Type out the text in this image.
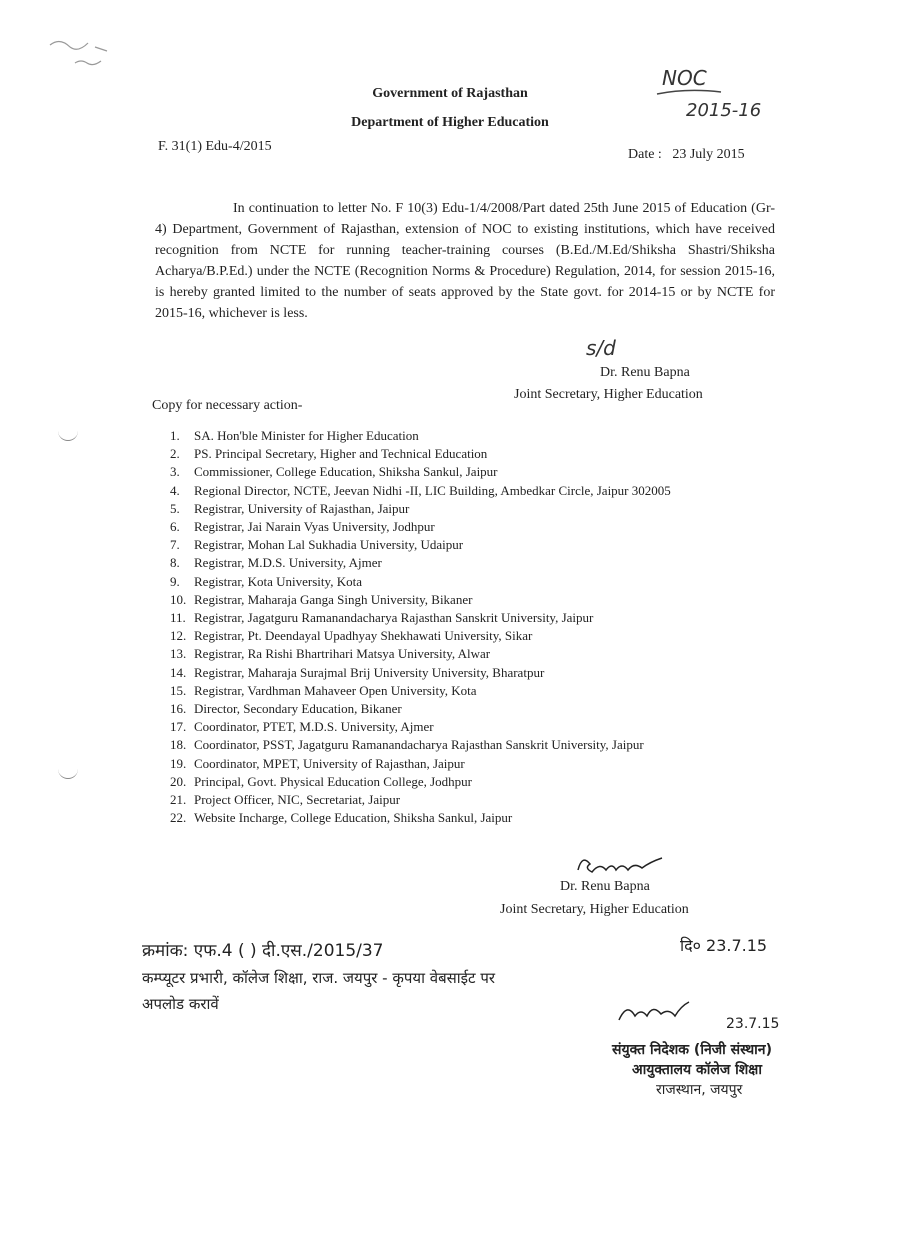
NOC
2015-16
Government of Rajasthan
Department of Higher Education
F. 31(1) Edu-4/2015
Date :   23 July 2015
In continuation to letter No. F 10(3) Edu-1/4/2008/Part dated 25th June 2015 of Education (Gr-4) Department, Government of Rajasthan, extension of NOC to existing institutions, which have received recognition from NCTE for running teacher-training courses (B.Ed./M.Ed/Shiksha Shastri/Shiksha Acharya/B.P.Ed.) under the NCTE (Recognition Norms & Procedure) Regulation, 2014, for session 2015-16, is hereby granted limited to the number of seats approved by the State govt. for 2014-15 or by NCTE for 2015-16, whichever is less.
s/d
Dr. Renu Bapna
Joint Secretary, Higher Education
Copy for necessary action-
1. SA. Hon'ble Minister for Higher Education
2. PS. Principal Secretary, Higher and Technical Education
3. Commissioner, College Education, Shiksha Sankul, Jaipur
4. Regional Director, NCTE, Jeevan Nidhi -II, LIC Building, Ambedkar Circle, Jaipur 302005
5. Registrar, University of Rajasthan, Jaipur
6. Registrar, Jai Narain Vyas University, Jodhpur
7. Registrar, Mohan Lal Sukhadia University, Udaipur
8. Registrar, M.D.S. University, Ajmer
9. Registrar, Kota University, Kota
10. Registrar, Maharaja Ganga Singh University, Bikaner
11. Registrar, Jagatguru Ramanandacharya Rajasthan Sanskrit University, Jaipur
12. Registrar, Pt. Deendayal Upadhyay Shekhawati University, Sikar
13. Registrar, Ra Rishi Bhartrihari Matsya University, Alwar
14. Registrar, Maharaja Surajmal Brij University University, Bharatpur
15. Registrar, Vardhman Mahaveer Open University, Kota
16. Director, Secondary Education, Bikaner
17. Coordinator, PTET, M.D.S. University, Ajmer
18. Coordinator, PSST, Jagatguru Ramanandacharya Rajasthan Sanskrit University, Jaipur
19. Coordinator, MPET, University of Rajasthan, Jaipur
20. Principal, Govt. Physical Education College, Jodhpur
21. Project Officer, NIC, Secretariat, Jaipur
22. Website Incharge, College Education, Shiksha Sankul, Jaipur
Dr. Renu Bapna
Joint Secretary, Higher Education
क्रमांक: एफ.4 ( ) दी.एस./2015/37	दि० 23.7.15
कम्प्यूटर प्रभारी, कॉलेज शिक्षा, राज. जयपुर - कृपया वेबसाईट पर
अपलोड करावें
23.7.15
संयुक्त निदेशक (निजी संस्थान)
आयुक्तालय कॉलेज शिक्षा
राजस्थान, जयपुर
